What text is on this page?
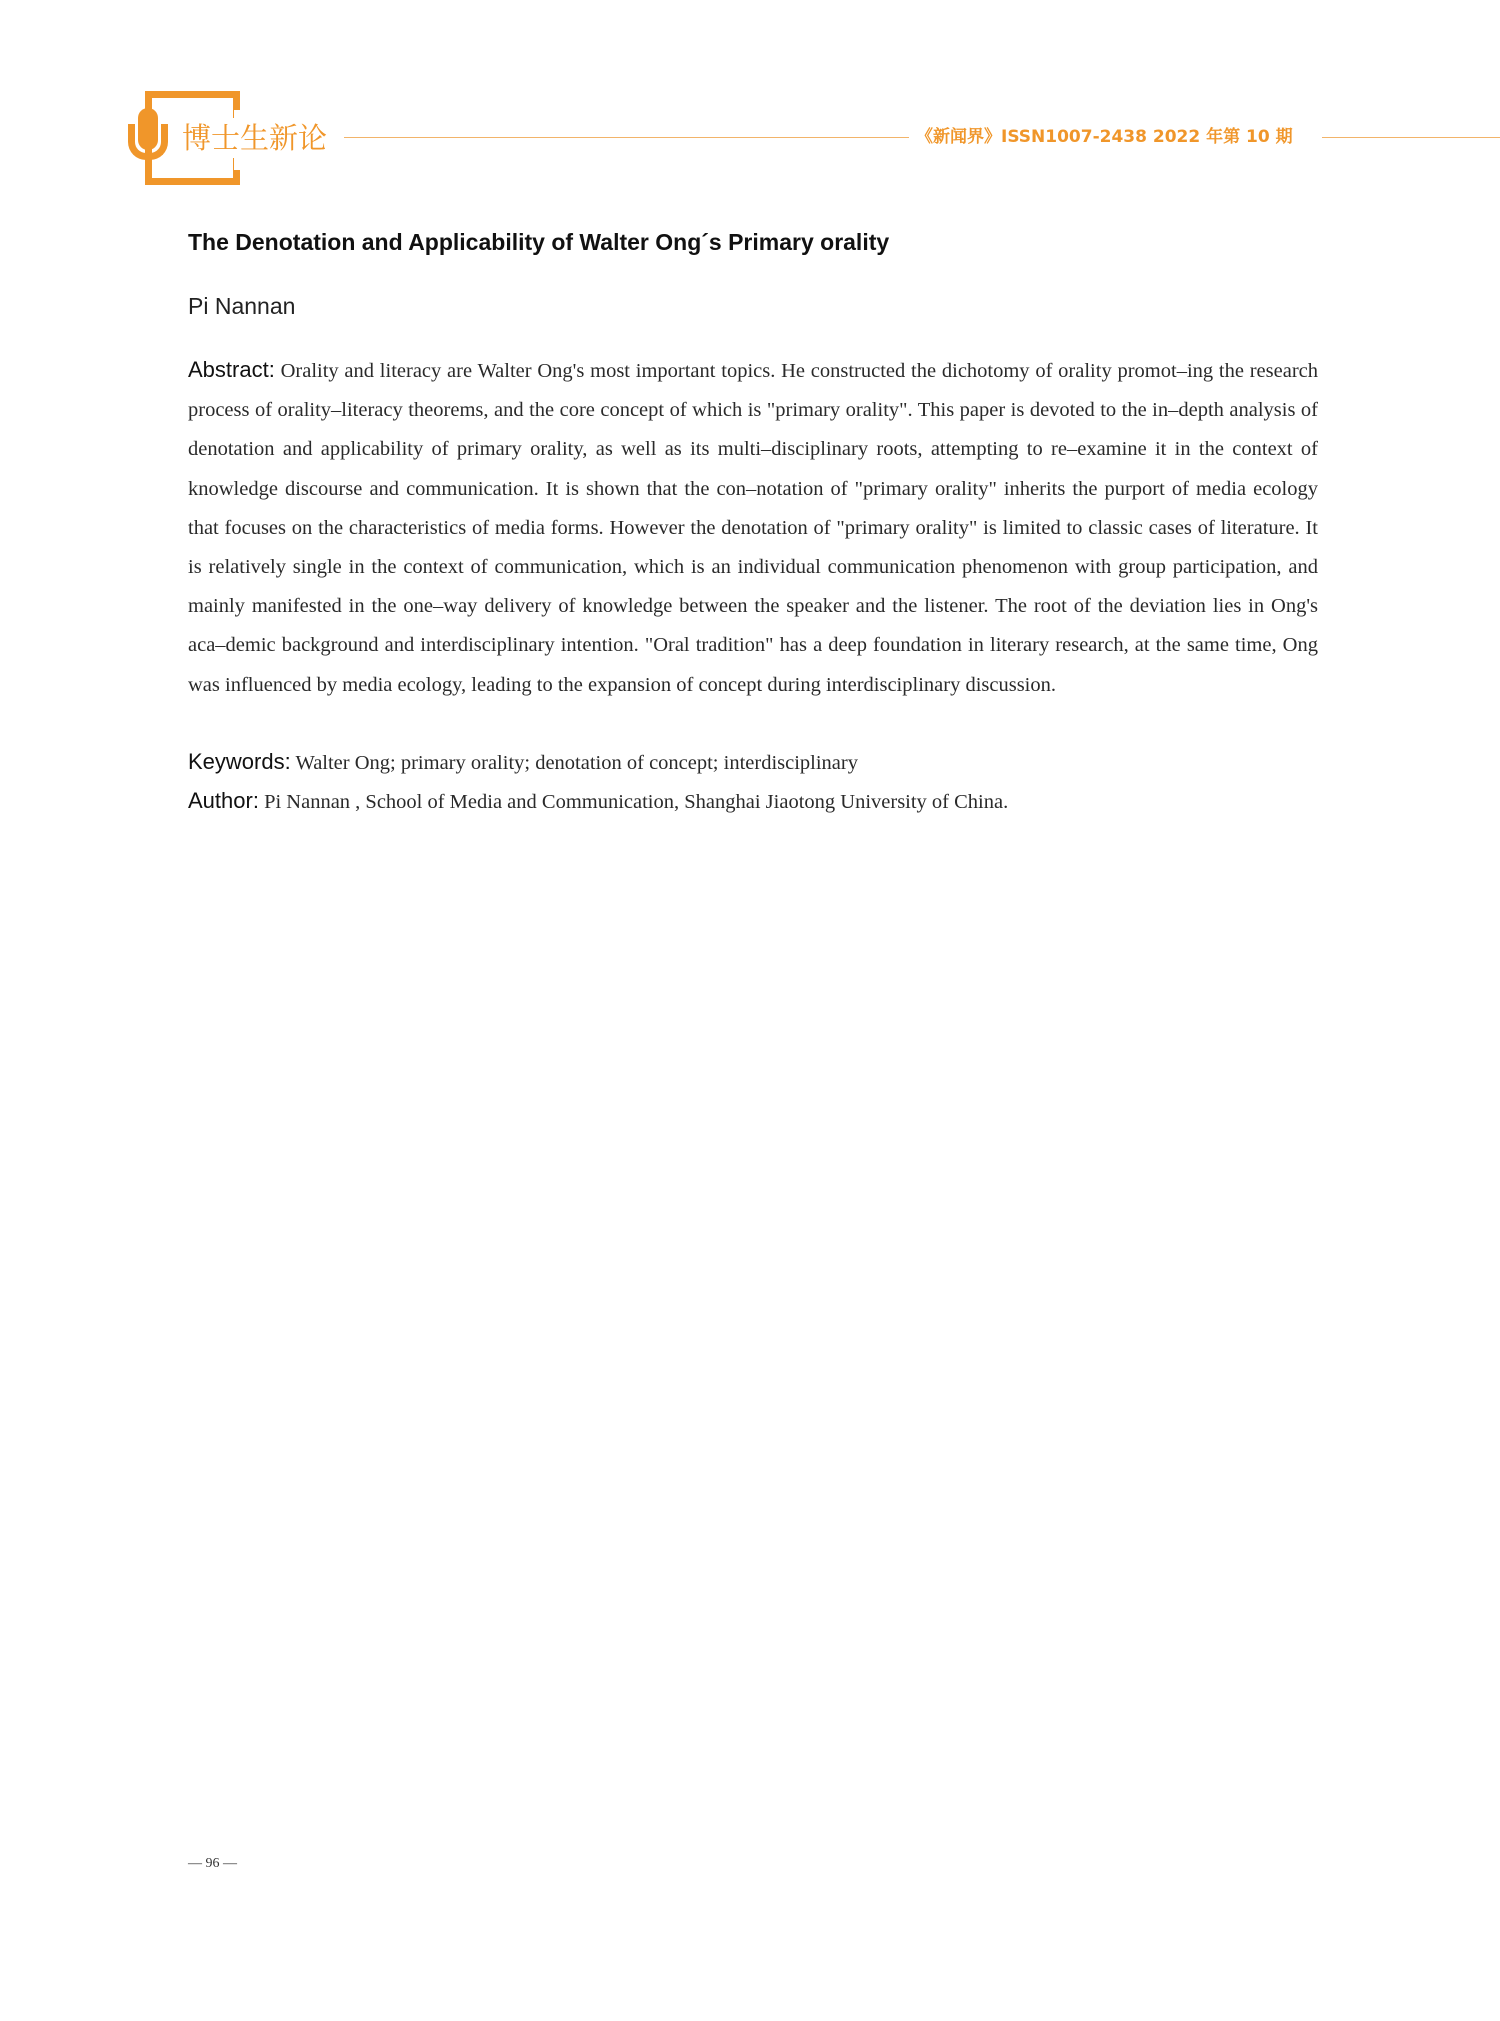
博士生新论	《新闻界》ISSN1007-2438 2022 年第 10 期
The Denotation and Applicability of Walter Ong´s Primary orality
Pi Nannan

Abstract: Orality and literacy are Walter Ong's most important topics. He constructed the dichotomy of orality promot–ing the research process of orality–literacy theorems, and the core concept of which is "primary orality". This paper is devoted to the in–depth analysis of denotation and applicability of primary orality, as well as its multi–disciplinary roots, attempting to re–examine it in the context of knowledge discourse and communication. It is shown that the con–notation of "primary orality" inherits the purport of media ecology that focuses on the characteristics of media forms. However the denotation of "primary orality" is limited to classic cases of literature. It is relatively single in the context of communication, which is an individual communication phenomenon with group participation, and mainly manifested in the one–way delivery of knowledge between the speaker and the listener. The root of the deviation lies in Ong's aca–demic background and interdisciplinary intention. "Oral tradition" has a deep foundation in literary research, at the same time, Ong was influenced by media ecology, leading to the expansion of concept during interdisciplinary discussion.

Keywords: Walter Ong; primary orality; denotation of concept; interdisciplinary

Author: Pi Nannan , School of Media and Communication, Shanghai Jiaotong University of China.

— 96 —
